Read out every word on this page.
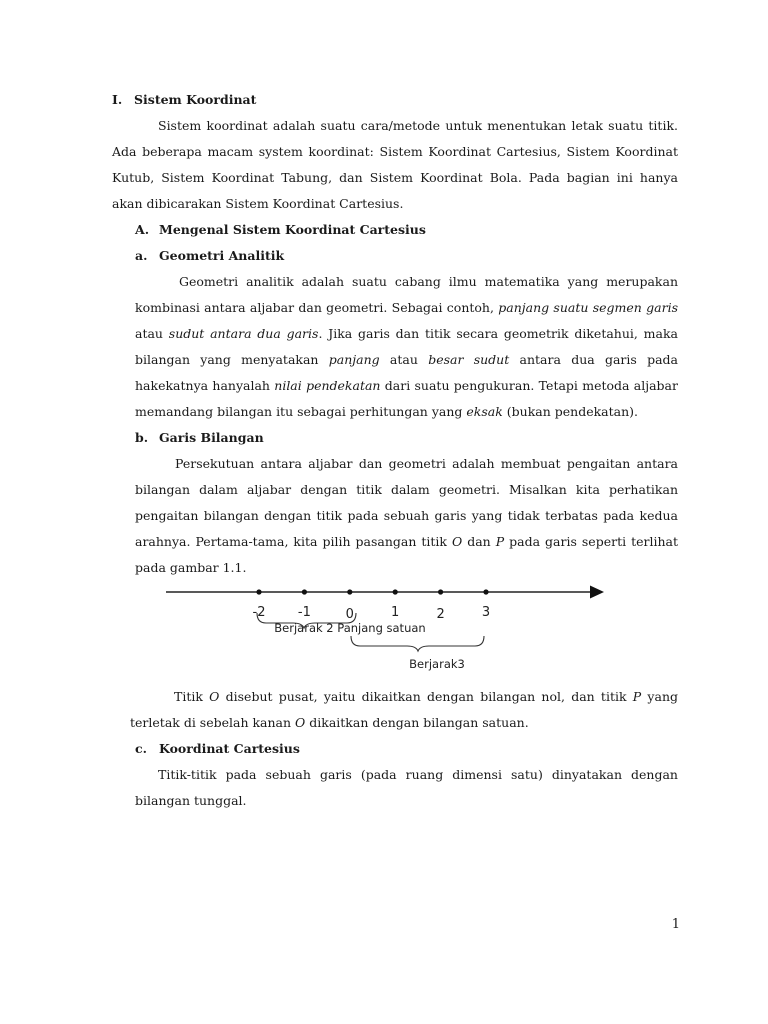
I. Sistem Koordinat

Sistem koordinat adalah suatu cara/metode untuk menentukan letak suatu titik. Ada beberapa macam system koordinat: Sistem Koordinat Cartesius, Sistem Koordinat Kutub, Sistem Koordinat Tabung, dan Sistem Koordinat Bola. Pada bagian ini hanya akan dibicarakan Sistem Koordinat Cartesius.

A. Mengenal Sistem Koordinat Cartesius
a. Geometri Analitik

Geometri analitik adalah suatu cabang ilmu matematika yang merupakan kombinasi antara aljabar dan geometri. Sebagai contoh, panjang suatu segmen garis atau sudut antara dua garis. Jika garis dan titik secara geometrik diketahui, maka bilangan yang menyatakan panjang atau besar sudut antara dua garis pada hakekatnya hanyalah nilai pendekatan dari suatu pengukuran. Tetapi metoda aljabar memandang bilangan itu sebagai perhitungan yang eksak (bukan pendekatan).

b. Garis Bilangan

Persekutuan antara aljabar dan geometri adalah membuat pengaitan antara bilangan dalam aljabar dengan titik dalam geometri. Misalkan kita perhatikan pengaitan bilangan dengan titik pada sebuah garis yang tidak terbatas pada kedua arahnya. Pertama-tama, kita pilih pasangan titik O dan P pada garis seperti terlihat pada gambar 1.1.

-2 -1	0	1	2	3
Berjarak 2 Panjang satuan
Berjarak3

Titik O disebut pusat, yaitu dikaitkan dengan bilangan nol, dan titik P yang terletak di sebelah kanan O dikaitkan dengan bilangan satuan.

c. Koordinat Cartesius

Titik-titik pada sebuah garis (pada ruang dimensi satu) dinyatakan dengan bilangan tunggal.

1
